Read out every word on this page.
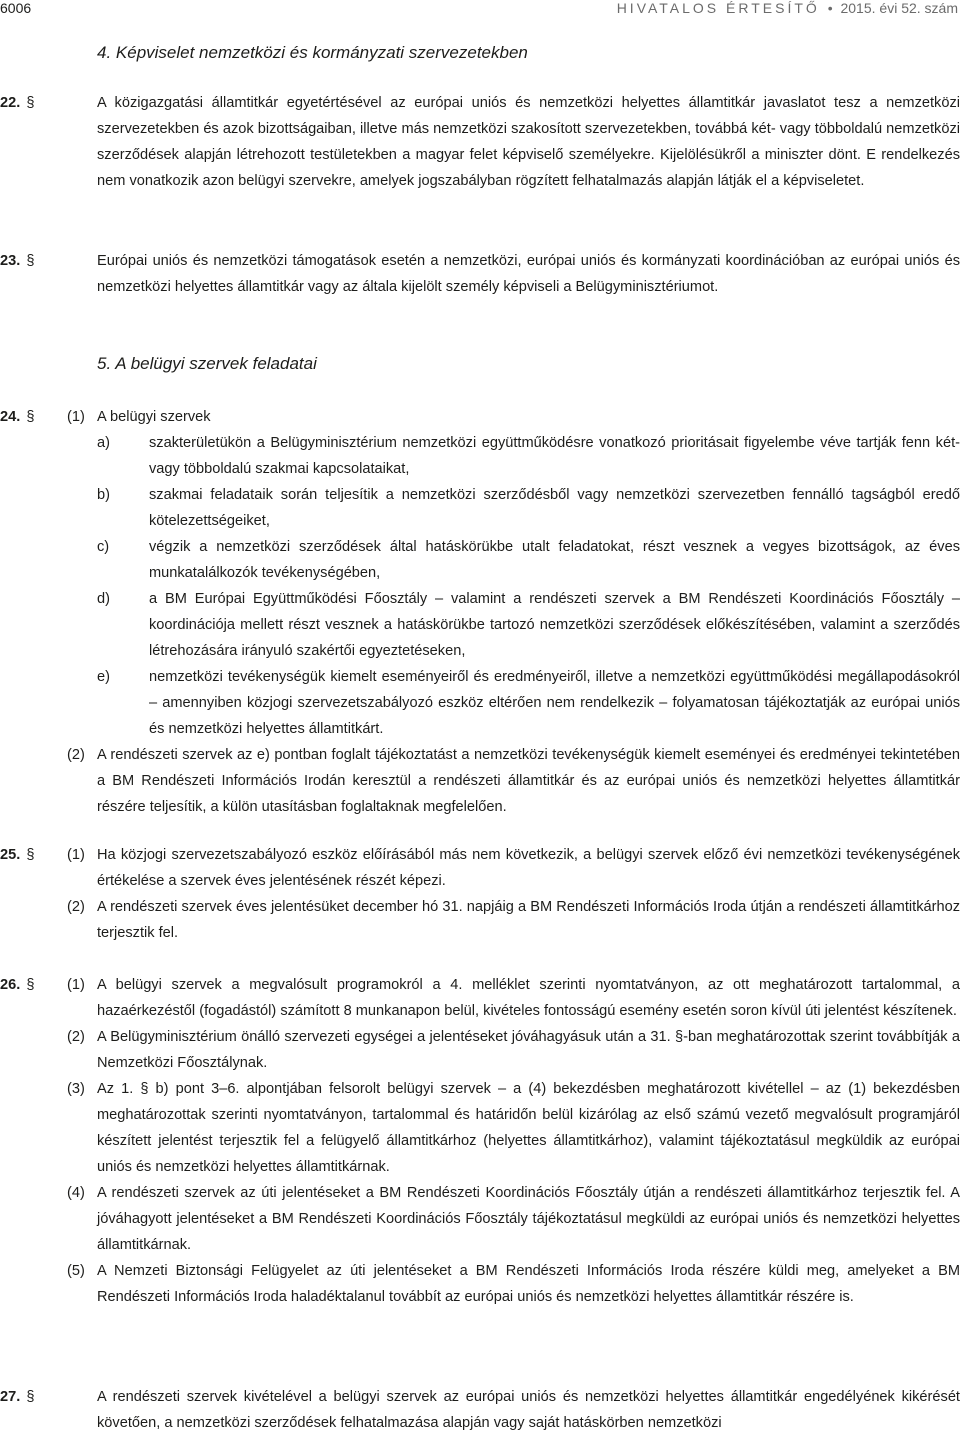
6006	HIVATALOS ÉRTESÍTŐ • 2015. évi 52. szám
4. Képviselet nemzetközi és kormányzati szervezetekben
22. §	A közigazgatási államtitkár egyetértésével az európai uniós és nemzetközi helyettes államtitkár javaslatot tesz a nemzetközi szervezetekben és azok bizottságaiban, illetve más nemzetközi szakosított szervezetekben, továbbá két- vagy többoldalú nemzetközi szerződések alapján létrehozott testületekben a magyar felet képviselő személyekre. Kijelölésükről a miniszter dönt. E rendelkezés nem vonatkozik azon belügyi szervekre, amelyek jogszabályban rögzített felhatalmazás alapján látják el a képviseletet.
23. §	Európai uniós és nemzetközi támogatások esetén a nemzetközi, európai uniós és kormányzati koordinációban az európai uniós és nemzetközi helyettes államtitkár vagy az általa kijelölt személy képviseli a Belügyminisztériumot.
5. A belügyi szervek feladatai
24. § (1) A belügyi szervek
a)	szakterületükön a Belügyminisztérium nemzetközi együttműködésre vonatkozó prioritásait figyelembe véve tartják fenn két- vagy többoldalú szakmai kapcsolataikat,
b)	szakmai feladataik során teljesítik a nemzetközi szerződésből vagy nemzetközi szervezetben fennálló tagságból eredő kötelezettségeiket,
c)	végzik a nemzetközi szerződések által hatáskörükbe utalt feladatokat, részt vesznek a vegyes bizottságok, az éves munkatalálkozók tevékenységében,
d)	a BM Európai Együttműködési Főosztály – valamint a rendészeti szervek a BM Rendészeti Koordinációs Főosztály – koordinációja mellett részt vesznek a hatáskörükbe tartozó nemzetközi szerződések előkészítésében, valamint a szerződés létrehozására irányuló szakértői egyeztetéseken,
e)	nemzetközi tevékenységük kiemelt eseményeiről és eredményeiről, illetve a nemzetközi együttműködési megállapodásokról – amennyiben közjogi szervezetszabályozó eszköz eltérően nem rendelkezik – folyamatosan tájékoztatják az európai uniós és nemzetközi helyettes államtitkárt.
(2) A rendészeti szervek az e) pontban foglalt tájékoztatást a nemzetközi tevékenységük kiemelt eseményei és eredményei tekintetében a BM Rendészeti Információs Irodán keresztül a rendészeti államtitkár és az európai uniós és nemzetközi helyettes államtitkár részére teljesítik, a külön utasításban foglaltaknak megfelelően.
25. § (1) Ha közjogi szervezetszabályozó eszköz előírásából más nem következik, a belügyi szervek előző évi nemzetközi tevékenységének értékelése a szervek éves jelentésének részét képezi.
(2) A rendészeti szervek éves jelentésüket december hó 31. napjáig a BM Rendészeti Információs Iroda útján a rendészeti államtitkárhoz terjesztik fel.
26. § (1) A belügyi szervek a megvalósult programokról a 4. melléklet szerinti nyomtatványon, az ott meghatározott tartalommal, a hazaérkezéstől (fogadástól) számított 8 munkanapon belül, kivételes fontosságú esemény esetén soron kívül úti jelentést készítenek.
(2) A Belügyminisztérium önálló szervezeti egységei a jelentéseket jóváhagyásuk után a 31. §-ban meghatározottak szerint továbbítják a Nemzetközi Főosztálynak.
(3) Az 1. § b) pont 3–6. alpontjában felsorolt belügyi szervek – a (4) bekezdésben meghatározott kivétellel – az (1) bekezdésben meghatározottak szerinti nyomtatványon, tartalommal és határidőn belül kizárólag az első számú vezető megvalósult programjáról készített jelentést terjesztik fel a felügyelő államtitkárhoz (helyettes államtitkárhoz), valamint tájékoztatásul megküldik az európai uniós és nemzetközi helyettes államtitkárnak.
(4) A rendészeti szervek az úti jelentéseket a BM Rendészeti Koordinációs Főosztály útján a rendészeti államtitkárhoz terjesztik fel. A jóváhagyott jelentéseket a BM Rendészeti Koordinációs Főosztály tájékoztatásul megküldi az európai uniós és nemzetközi helyettes államtitkárnak.
(5) A Nemzeti Biztonsági Felügyelet az úti jelentéseket a BM Rendészeti Információs Iroda részére küldi meg, amelyeket a BM Rendészeti Információs Iroda haladéktalanul továbbít az európai uniós és nemzetközi helyettes államtitkár részére is.
27. §	A rendészeti szervek kivételével a belügyi szervek az európai uniós és nemzetközi helyettes államtitkár engedélyének kikérését követően, a nemzetközi szerződések felhatalmazása alapján vagy saját hatáskörben nemzetközi
